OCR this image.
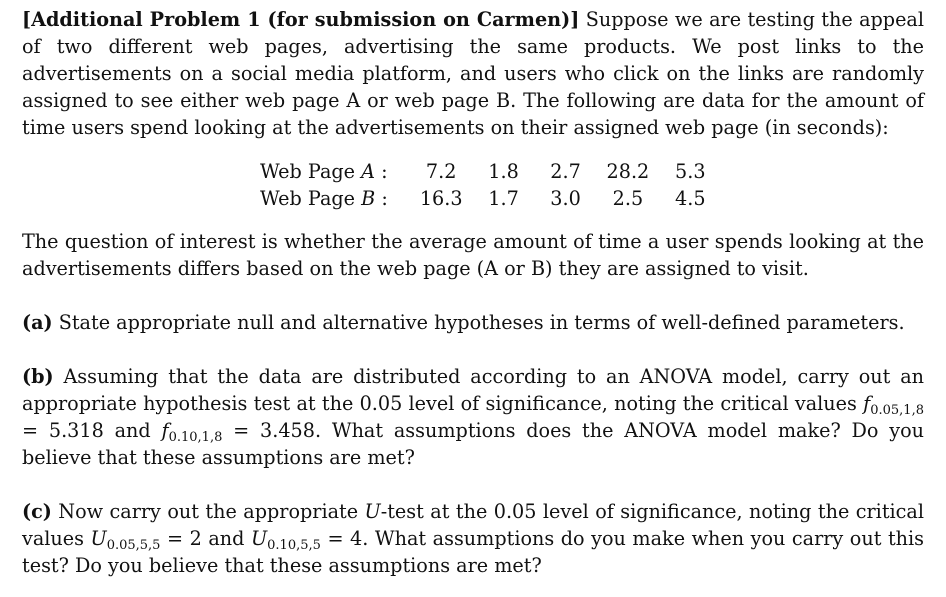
[Additional Problem 1 (for submission on Carmen)] Suppose we are testing the appeal of two different web pages, advertising the same products. We post links to the advertisements on a social media platform, and users who click on the links are randomly assigned to see either web page A or web page B. The following are data for the amount of time users spend looking at the advertisements on their assigned web page (in seconds):

Web Page A :	7.2	1.8	2.7	28.2	5.3
Web Page B :	16.3	1.7	3.0	2.5	4.5

The question of interest is whether the average amount of time a user spends looking at the advertisements differs based on the web page (A or B) they are assigned to visit.

(a) State appropriate null and alternative hypotheses in terms of well-defined parameters.

(b) Assuming that the data are distributed according to an ANOVA model, carry out an appropriate hypothesis test at the 0.05 level of significance, noting the critical values $f_{0.05,1,8} = 5.318$ and $f_{0.10,1,8} = 3.458$. What assumptions does the ANOVA model make? Do you believe that these assumptions are met?

(c) Now carry out the appropriate U-test at the 0.05 level of significance, noting the critical values $U_{0.05,5,5} = 2$ and $U_{0.10,5,5} = 4$. What assumptions do you make when you carry out this test? Do you believe that these assumptions are met?
